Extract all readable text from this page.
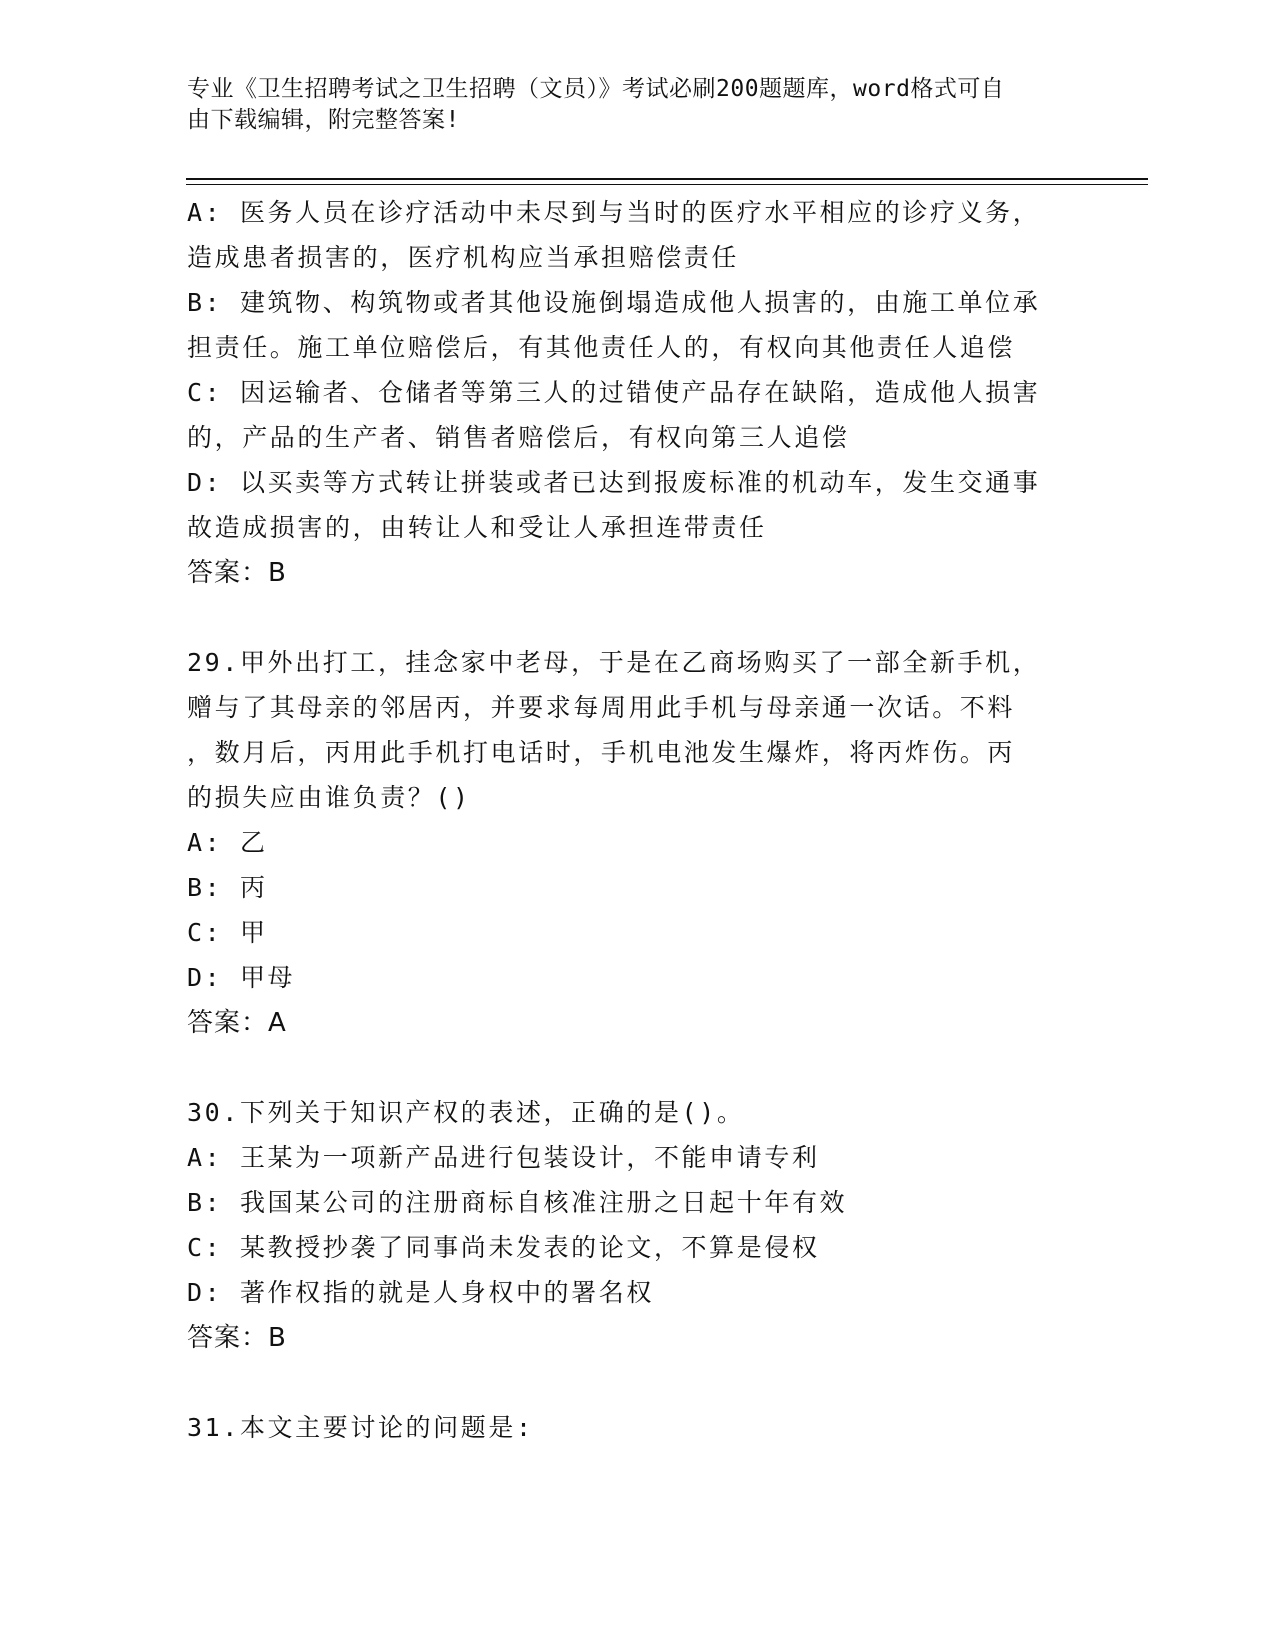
专业《卫生招聘考试之卫生招聘（文员）》考试必刷200题题库，word格式可自
由下载编辑，附完整答案!
A: 医务人员在诊疗活动中未尽到与当时的医疗水平相应的诊疗义务，
造成患者损害的，医疗机构应当承担赔偿责任
B: 建筑物、构筑物或者其他设施倒塌造成他人损害的，由施工单位承
担责任。施工单位赔偿后，有其他责任人的，有权向其他责任人追偿
C: 因运输者、仓储者等第三人的过错使产品存在缺陷，造成他人损害
的，产品的生产者、销售者赔偿后，有权向第三人追偿
D: 以买卖等方式转让拼装或者已达到报废标准的机动车，发生交通事
故造成损害的，由转让人和受让人承担连带责任
答案：B
29.甲外出打工，挂念家中老母，于是在乙商场购买了一部全新手机，
赠与了其母亲的邻居丙，并要求每周用此手机与母亲通一次话。不料
，数月后，丙用此手机打电话时，手机电池发生爆炸，将丙炸伤。丙
的损失应由谁负责？()
A: 乙
B: 丙
C: 甲
D: 甲母
答案：A
30.下列关于知识产权的表述，正确的是()。
A: 王某为一项新产品进行包装设计，不能申请专利
B: 我国某公司的注册商标自核准注册之日起十年有效
C: 某教授抄袭了同事尚未发表的论文，不算是侵权
D: 著作权指的就是人身权中的署名权
答案：B
31.本文主要讨论的问题是:
